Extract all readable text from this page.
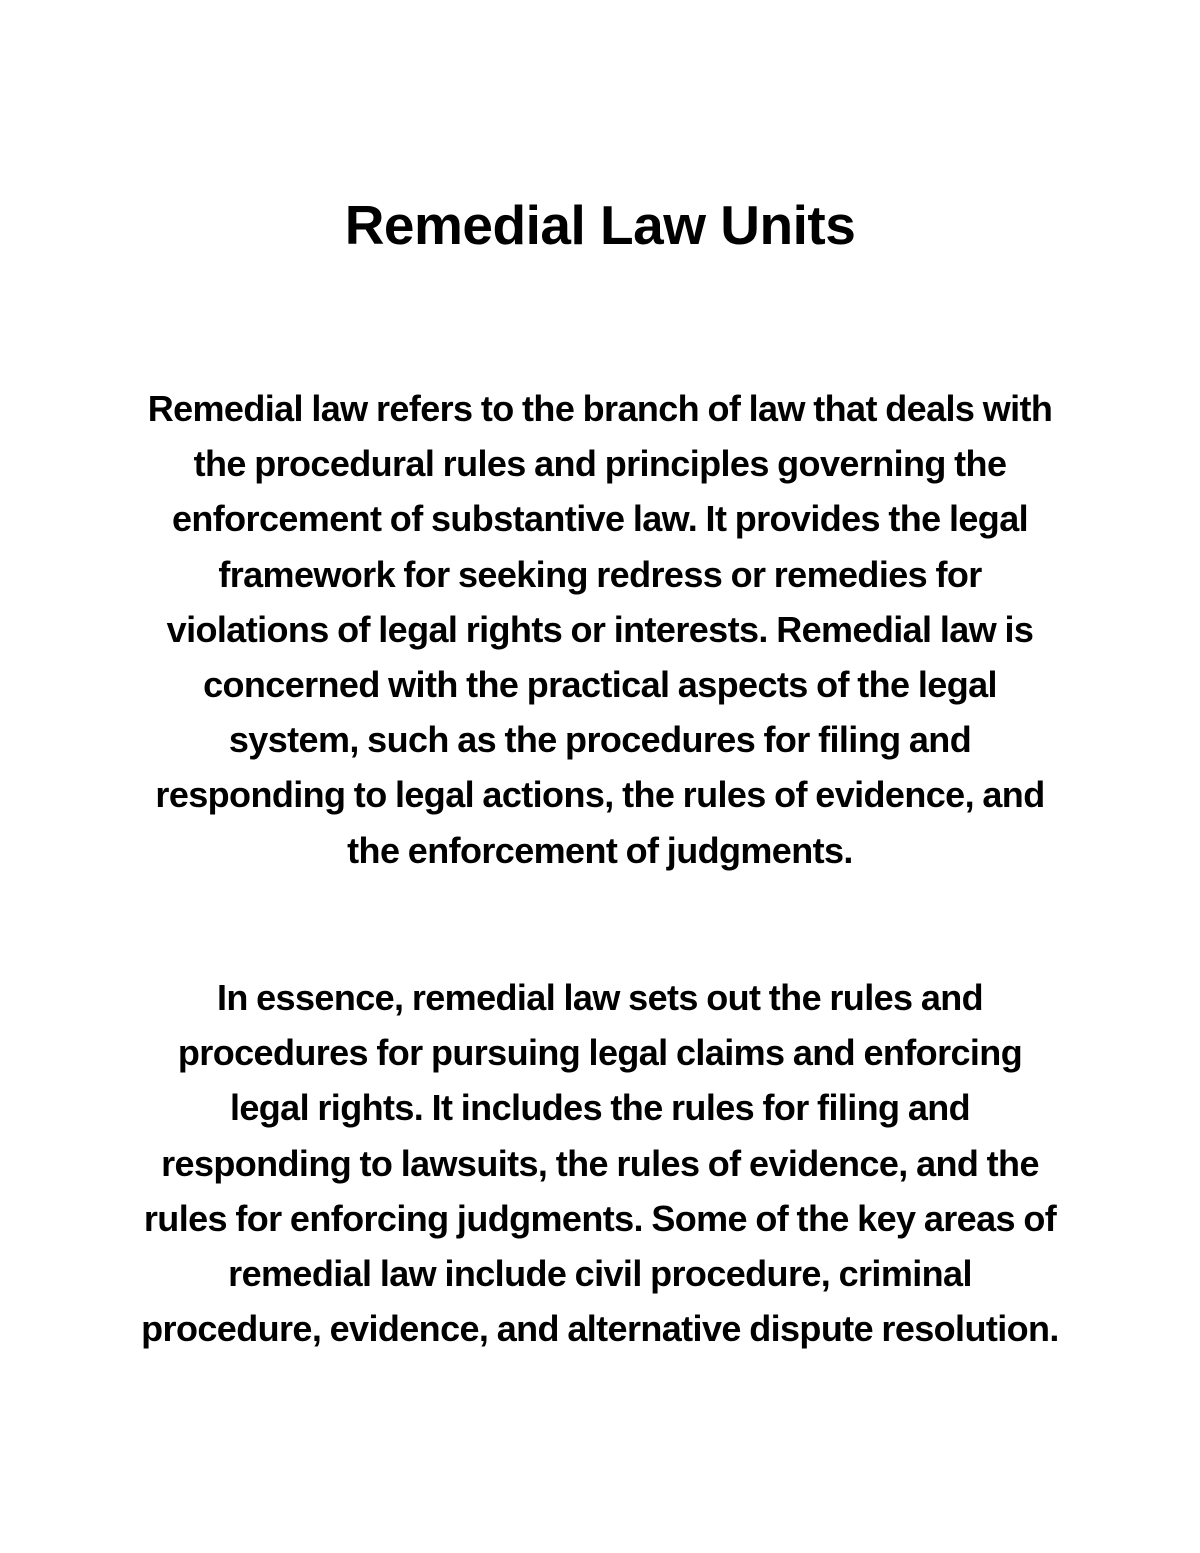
Remedial Law Units

Remedial law refers to the branch of law that deals with the procedural rules and principles governing the enforcement of substantive law. It provides the legal framework for seeking redress or remedies for violations of legal rights or interests. Remedial law is concerned with the practical aspects of the legal system, such as the procedures for filing and responding to legal actions, the rules of evidence, and the enforcement of judgments.

In essence, remedial law sets out the rules and procedures for pursuing legal claims and enforcing legal rights. It includes the rules for filing and responding to lawsuits, the rules of evidence, and the rules for enforcing judgments. Some of the key areas of remedial law include civil procedure, criminal procedure, evidence, and alternative dispute resolution.
